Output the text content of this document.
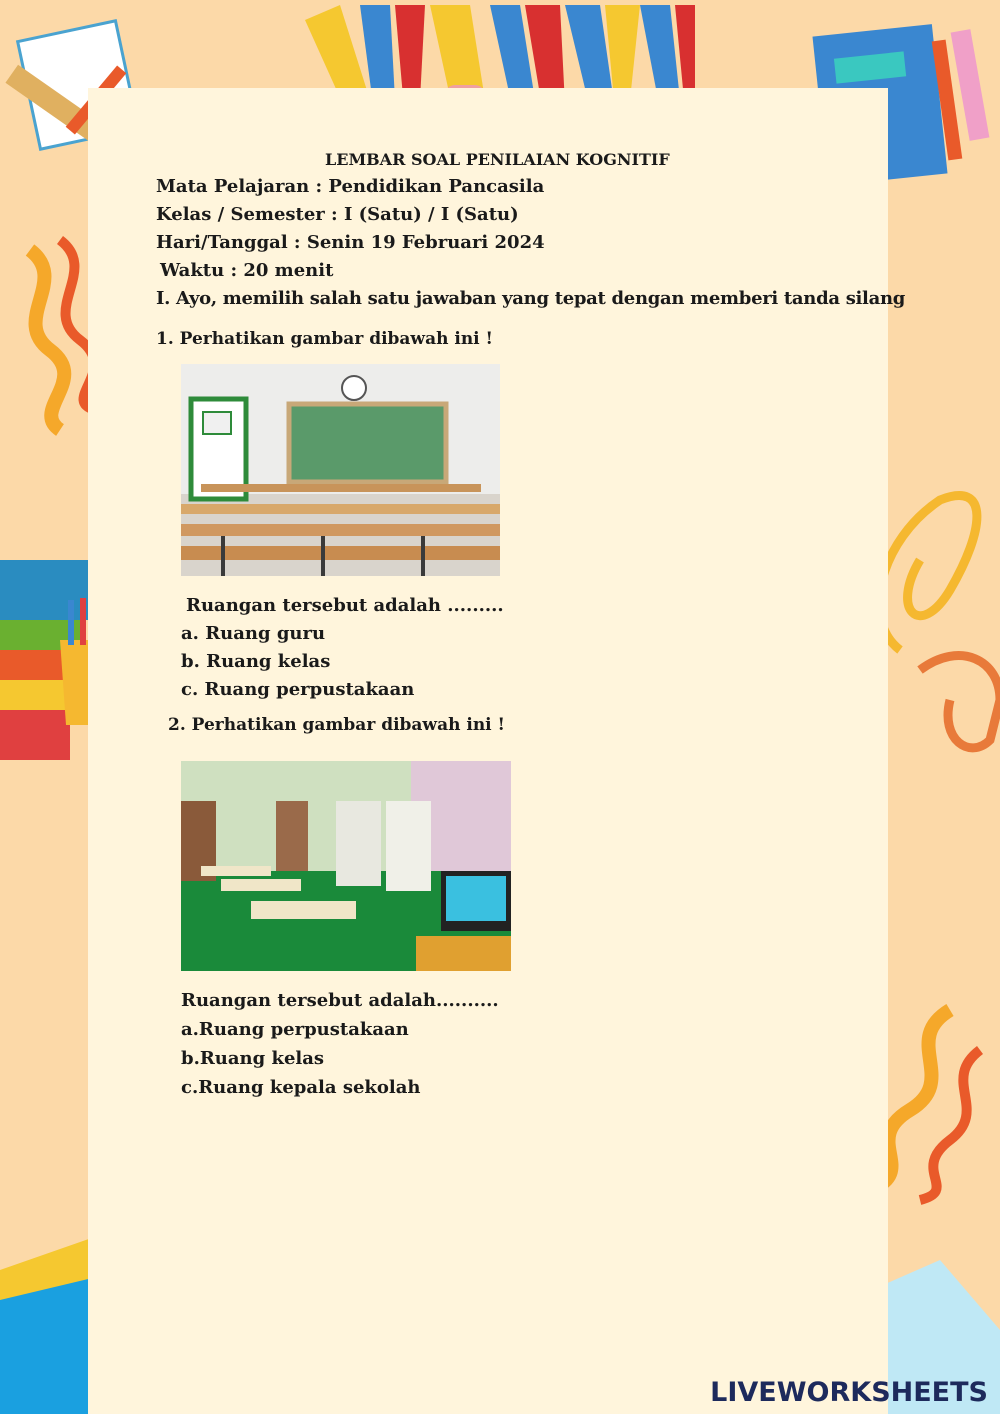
LEMBAR SOAL PENILAIAN KOGNITIF
Mata Pelajaran : Pendidikan Pancasila
Kelas / Semester : I (Satu) / I (Satu)
Hari/Tanggal : Senin 19 Februari 2024
Waktu : 20 menit
I. Ayo, memilih salah satu jawaban yang tepat dengan memberi tanda silang
1. Perhatikan gambar dibawah ini !
Ruangan tersebut adalah .........
a. Ruang guru
b. Ruang kelas
c. Ruang perpustakaan
2. Perhatikan gambar dibawah ini !
Ruangan tersebut adalah..........
a.Ruang perpustakaan
b.Ruang kelas
c.Ruang kepala sekolah
LIVEWORKSHEETS
